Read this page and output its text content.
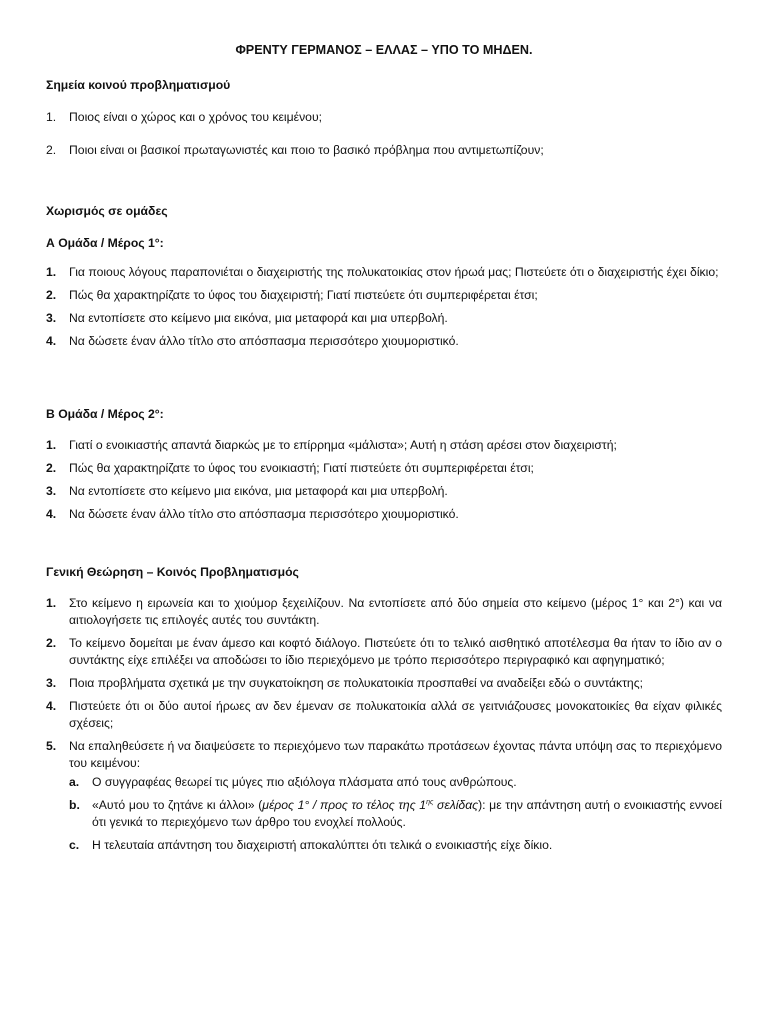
ΦΡΕΝΤΥ ΓΕΡΜΑΝΟΣ – ΕΛΛΑΣ – ΥΠΟ ΤΟ ΜΗΔΕΝ.
Σημεία κοινού προβληματισμού
1. Ποιος είναι ο χώρος και ο χρόνος του κειμένου;
2. Ποιοι είναι οι βασικοί πρωταγωνιστές και ποιο το βασικό πρόβλημα που αντιμετωπίζουν;
Χωρισμός σε ομάδες
Α Ομάδα / Μέρος 1°:
1. Για ποιους λόγους παραπονιέται ο διαχειριστής της πολυκατοικίας στον ήρωά μας; Πιστεύετε ότι ο διαχειριστής έχει δίκιο;
2. Πώς θα χαρακτηρίζατε το ύφος του διαχειριστή; Γιατί πιστεύετε ότι συμπεριφέρεται έτσι;
3. Να εντοπίσετε στο κείμενο μια εικόνα, μια μεταφορά και μια υπερβολή.
4. Να δώσετε έναν άλλο τίτλο στο απόσπασμα περισσότερο χιουμοριστικό.
Β Ομάδα / Μέρος 2°:
1. Γιατί ο ενοικιαστής απαντά διαρκώς με το επίρρημα «μάλιστα»; Αυτή η στάση αρέσει στον διαχειριστή;
2. Πώς θα χαρακτηρίζατε το ύφος του ενοικιαστή; Γιατί πιστεύετε ότι συμπεριφέρεται έτσι;
3. Να εντοπίσετε στο κείμενο μια εικόνα, μια μεταφορά και μια υπερβολή.
4. Να δώσετε έναν άλλο τίτλο στο απόσπασμα περισσότερο χιουμοριστικό.
Γενική Θεώρηση – Κοινός Προβληματισμός
1. Στο κείμενο η ειρωνεία και το χιούμορ ξεχειλίζουν. Να εντοπίσετε από δύο σημεία στο κείμενο (μέρος 1° και 2°) και να αιτιολογήσετε τις επιλογές αυτές του συντάκτη.
2. Το κείμενο δομείται με έναν άμεσο και κοφτό διάλογο. Πιστεύετε ότι το τελικό αισθητικό αποτέλεσμα θα ήταν το ίδιο αν ο συντάκτης είχε επιλέξει να αποδώσει το ίδιο περιεχόμενο με τρόπο περισσότερο περιγραφικό και αφηγηματικό;
3. Ποια προβλήματα σχετικά με την συγκατοίκηση σε πολυκατοικία προσπαθεί να αναδείξει εδώ ο συντάκτης;
4. Πιστεύετε ότι οι δύο αυτοί ήρωες αν δεν έμεναν σε πολυκατοικία αλλά σε γειτνιάζουσες μονοκατοικίες θα είχαν φιλικές σχέσεις;
5. Να επαληθεύσετε ή να διαψεύσετε το περιεχόμενο των παρακάτω προτάσεων έχοντας πάντα υπόψη σας το περιεχόμενο του κειμένου:
a. Ο συγγραφέας θεωρεί τις μύγες πιο αξιόλογα πλάσματα από τους ανθρώπους.
b. «Αυτό μου το ζητάνε κι άλλοι» (μέρος 1° / προς το τέλος της $1^{\eta\varsigma}$ σελίδας): με την απάντηση αυτή ο ενοικιαστής εννοεί ότι γενικά το περιεχόμενο των άρθρο του ενοχλεί πολλούς.
c. Η τελευταία απάντηση του διαχειριστή αποκαλύπτει ότι τελικά ο ενοικιαστής είχε δίκιο.
